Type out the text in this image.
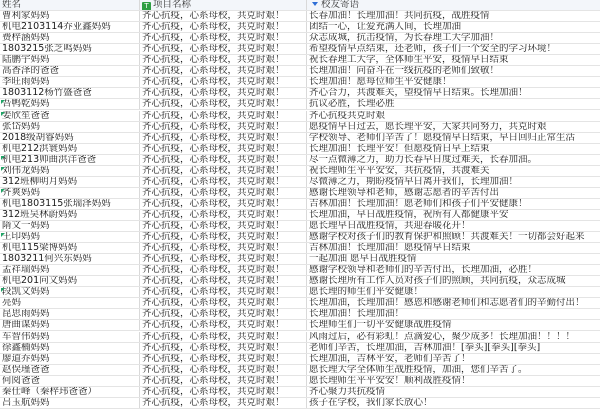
姓名	T 项目名称	校友寄语
曹利家妈妈	齐心抗疫，心系母校，共克时艰！	长春加油！长理加油！共同抗疫，战胜疫情
机电2103114乔亚鑫妈妈	齐心抗疫，心系母校，共克时艰！	团结一心，让爱充满人间，长理加油
费梓涵妈妈	齐心抗疫，心系母校，共克时艰！	众志成城，抗击疫情，为长春理工大学加油！
1803215张芝鸣妈妈	齐心抗疫，心系母校，共克时艰！	希望疫情早点结束，还老师，孩子们一个安全的学习环境！
陆鹏宇妈妈	齐心抗疫，心系母校，共克时艰！	祝长春理工大学，全体师生平安，疫情早日结束
高香泽的爸爸	齐心抗疫，心系母校，共克时艰！	长理加油！向奋斗在一线抗疫的老师们致敬！
李旺雨妈妈	齐心抗疫，心系母校，共克时艰！	长理加油！愿每位师生平安健康！
1803112杨竹盛爸爸	齐心抗疫，心系母校，共克时艰！	齐心合力，共渡难关，望疫情早日结束。长理加油！
吾鸭乾妈妈	齐心抗疫，心系母校，共克时艰！	抗议必胜，长理必胜
姜欣笙爸爸	齐心抗疫，心系母校，共克时艰！	齐心抗疫共克时艰
张岱妈妈	齐心抗疫，心系母校，共克时艰！	愿疫情早日过去，愿长理平安，大家共同努力，共克时艰
2018级胡睿妈妈	齐心抗疫，心系母校，共克时艰！	学校领导、老师们辛苦了！愿疫情早日结束，早日回归正常生活
机电212洪寰妈妈	齐心抗疫，心系母校，共克时艰！	长理加油！长理平安！但愿疫情日早上结束
机电213帅曲洪洋爸爸	齐心抗疫，心系母校，共克时艰！	尽一点微薄之力，助力长春早日度过难关，长春加油。
刘伟龙妈妈	齐心抗疫，心系母校，共克时艰！	祝长理师生平平安安，共抗疫情，共渡难关
312班柳明月妈妈	齐心抗疫，心系母校，共克时艰！	尽微薄之力，期盼疫情早日离开我们，长理加油！
齐爽妈妈	齐心抗疫，心系母校，共克时艰！	感谢长理领导和老师，感谢志愿者的辛苦付出
机电1803115张瑞泽妈妈	齐心抗疫，心系母校，共克时艰！	吉林加油！长理加油！愿老师们和孩子们平安健康！
312班吴林蔚妈妈	齐心抗疫，心系母校，共克时艰！	长理加油，早日战胜疫情，祝所有人都健康平安
隋文一妈妈	齐心抗疫，心系母校，共克时艰！	愿长理早日战胜疫情，共迎春暖花开！
王印妈妈	齐心抗疫，心系母校，共克时艰！	感谢学校对孩子们的教育保护和照顾！共渡难关！一切都会好起来
机电115梁博妈妈	齐心抗疫，心系母校，共克时艰！	吉林加油！长理加油！愿疫情早日结束
1803211何兴东妈妈	齐心抗疫，心系母校，共克时艰！	一起加油 愿早日战胜疫情
孟祥瑞妈妈	齐心抗疫，心系母校，共克时艰！	感谢学校领导和老师们的辛苦付出，长理加油，必胜！
机电201向文妈妈	齐心抗疫，心系母校，共克时艰！	感谢长理所有工作人员对孩子们的照顾，共同抗疫，众志成城
段凯文妈妈	齐心抗疫，心系母校，共克时艰！	愿长理的师生们平安健康！
亮妈	齐心抗疫，心系母校，共克时艰！	长理加油，长理加油！感恩和感谢老师们和志愿者们的辛勤付出！
昆思雨妈妈	齐心抗疫，心系母校，共克时艰！	长理加油！长理加油！
唐曲谋妈妈	齐心抗疫，心系母校，共克时艰！	长理师生们一切平安健康战胜疫情
车智伟妈妈	齐心抗疫，心系母校，共克时艰！	风雨过后，必有彩虹！点滴爱心，聚少成多！长理加油！！！！
徐鑫楠妈妈	齐心抗疫，心系母校，共克时艰！	老师们辛苦，长理加油，吉林加油！[拳头][拳头][拳头]
廖道乔妈妈	齐心抗疫，心系母校，共克时艰！	长理加油，吉林平安，老师们辛苦了！
赵俣瑾爸爸	齐心抗疫，心系母校，共克时艰！	愿长理大学全体师生战胜疫情，加油，您们辛苦了。
何阅爸爸	齐心抗疫，心系母校，共克时艰！	愿长理师生平平安安！顺利战胜疫情！
秦仕峰（秦梓玮爸爸）	齐心抗疫，心系母校，共克时艰！	齐心聚力共抗疫情
吕玉航妈妈	齐心抗疫，心系母校，共克时艰！	孩子在学校，我们家长放心！
